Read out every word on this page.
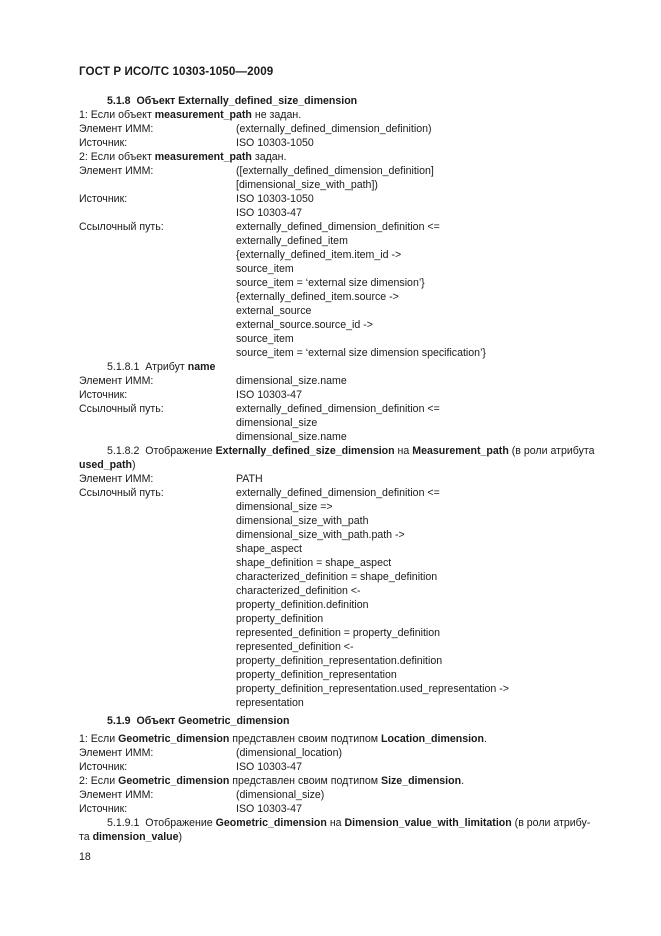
ГОСТ Р ИСО/ТС 10303-1050—2009
5.1.8 Объект Externally_defined_size_dimension
1: Если объект measurement_path не задан.
Элемент ИММ:	(externally_defined_dimension_definition)
Источник:	ISO 10303-1050
2: Если объект measurement_path задан.
Элемент ИММ:	([externally_defined_dimension_definition]
[dimensional_size_with_path])
Источник:	ISO 10303-1050
ISO 10303-47
Ссылочный путь:	externally_defined_dimension_definition <=
externally_defined_item
{externally_defined_item.item_id ->
source_item
source_item = ‘external size dimension’}
{externally_defined_item.source ->
external_source
external_source.source_id ->
source_item
source_item = ‘external size dimension specification’}
5.1.8.1 Атрибут name
Элемент ИММ:	dimensional_size.name
Источник:	ISO 10303-47
Ссылочный путь:	externally_defined_dimension_definition <=
dimensional_size
dimensional_size.name
5.1.8.2 Отображение Externally_defined_size_dimension на Measurement_path (в роли атрибута
used_path)
Элемент ИММ:	PATH
Ссылочный путь:	externally_defined_dimension_definition <=
dimensional_size =>
dimensional_size_with_path
dimensional_size_with_path.path ->
shape_aspect
shape_definition = shape_aspect
characterized_definition = shape_definition
characterized_definition <-
property_definition.definition
property_definition
represented_definition = property_definition
represented_definition <-
property_definition_representation.definition
property_definition_representation
property_definition_representation.used_representation ->
representation
5.1.9 Объект Geometric_dimension
1: Если Geometric_dimension представлен своим подтипом Location_dimension.
Элемент ИММ:	(dimensional_location)
Источник:	ISO 10303-47
2: Если Geometric_dimension представлен своим подтипом Size_dimension.
Элемент ИММ:	(dimensional_size)
Источник:	ISO 10303-47
5.1.9.1 Отображение Geometric_dimension на Dimension_value_with_limitation (в роли атрибу-
та dimension_value)
18
